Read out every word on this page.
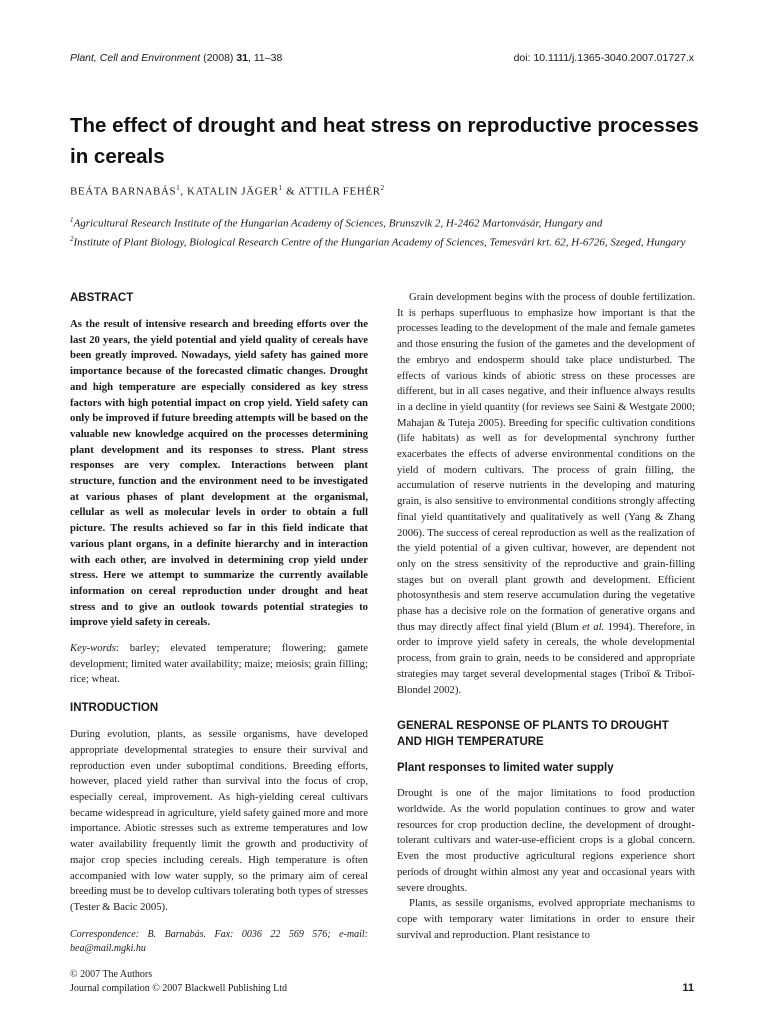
Plant, Cell and Environment (2008) 31, 11–38	doi: 10.1111/j.1365-3040.2007.01727.x
The effect of drought and heat stress on reproductive processes in cereals
BEÁTA BARNABÁS$^1$, KATALIN JÄGER$^1$ & ATTILA FEHÉR$^2$
$^1$Agricultural Research Institute of the Hungarian Academy of Sciences, Brunszvik 2, H-2462 Martonvásár, Hungary and
$^2$Institute of Plant Biology, Biological Research Centre of the Hungarian Academy of Sciences, Temesvári krt. 62, H-6726, Szeged, Hungary
ABSTRACT
As the result of intensive research and breeding efforts over the last 20 years, the yield potential and yield quality of cereals have been greatly improved. Nowadays, yield safety has gained more importance because of the forecasted climatic changes. Drought and high temperature are especially considered as key stress factors with high potential impact on crop yield. Yield safety can only be improved if future breeding attempts will be based on the valuable new knowledge acquired on the processes determining plant development and its responses to stress. Plant stress responses are very complex. Interactions between plant structure, function and the environment need to be investigated at various phases of plant development at the organismal, cellular as well as molecular levels in order to obtain a full picture. The results achieved so far in this field indicate that various plant organs, in a definite hierarchy and in interaction with each other, are involved in determining crop yield under stress. Here we attempt to summarize the currently available information on cereal reproduction under drought and heat stress and to give an outlook towards potential strategies to improve yield safety in cereals.
Key-words: barley; elevated temperature; flowering; gamete development; limited water availability; maize; meiosis; grain filling; rice; wheat.
INTRODUCTION
During evolution, plants, as sessile organisms, have developed appropriate developmental strategies to ensure their survival and reproduction even under suboptimal conditions. Breeding efforts, however, placed yield rather than survival into the focus of crop, especially cereal, improvement. As high-yielding cereal cultivars became widespread in agriculture, yield safety gained more and more importance. Abiotic stresses such as extreme temperatures and low water availability frequently limit the growth and productivity of major crop species including cereals. High temperature is often accompanied with low water supply, so the primary aim of cereal breeding must be to develop cultivars tolerating both types of stresses (Tester & Bacic 2005).
Correspondence: B. Barnabás. Fax: 0036 22 569 576; e-mail: bea@mail.mgki.hu
Grain development begins with the process of double fertilization. It is perhaps superfluous to emphasize how important is that the processes leading to the development of the male and female gametes and those ensuring the fusion of the gametes and the development of the embryo and endosperm should take place undisturbed. The effects of various kinds of abiotic stress on these processes are different, but in all cases negative, and their influence always results in a decline in yield quantity (for reviews see Saini & Westgate 2000; Mahajan & Tuteja 2005). Breeding for specific cultivation conditions (life habitats) as well as for developmental synchrony further exacerbates the effects of adverse environmental conditions on the yield of modern cultivars. The process of grain filling, the accumulation of reserve nutrients in the developing and maturing grain, is also sensitive to environmental conditions strongly affecting final yield quantitatively and qualitatively as well (Yang & Zhang 2006). The success of cereal reproduction as well as the realization of the yield potential of a given cultivar, however, are dependent not only on the stress sensitivity of the reproductive and grain-filling stages but on overall plant growth and development. Efficient photosynthesis and stem reserve accumulation during the vegetative phase has a decisive role on the formation of generative organs and thus may directly affect final yield (Blum et al. 1994). Therefore, in order to improve yield safety in cereals, the whole developmental process, from grain to grain, needs to be considered and appropriate strategies may target several developmental stages (Triboï & Triboï-Blondel 2002).
GENERAL RESPONSE OF PLANTS TO DROUGHT AND HIGH TEMPERATURE
Plant responses to limited water supply
Drought is one of the major limitations to food production worldwide. As the world population continues to grow and water resources for crop production decline, the development of drought-tolerant cultivars and water-use-efficient crops is a global concern. Even the most productive agricultural regions experience short periods of drought within almost any year and occasional years with severe droughts.
Plants, as sessile organisms, evolved appropriate mechanisms to cope with temporary water limitations in order to ensure their survival and reproduction. Plant resistance to
© 2007 The Authors
Journal compilation © 2007 Blackwell Publishing Ltd	11
